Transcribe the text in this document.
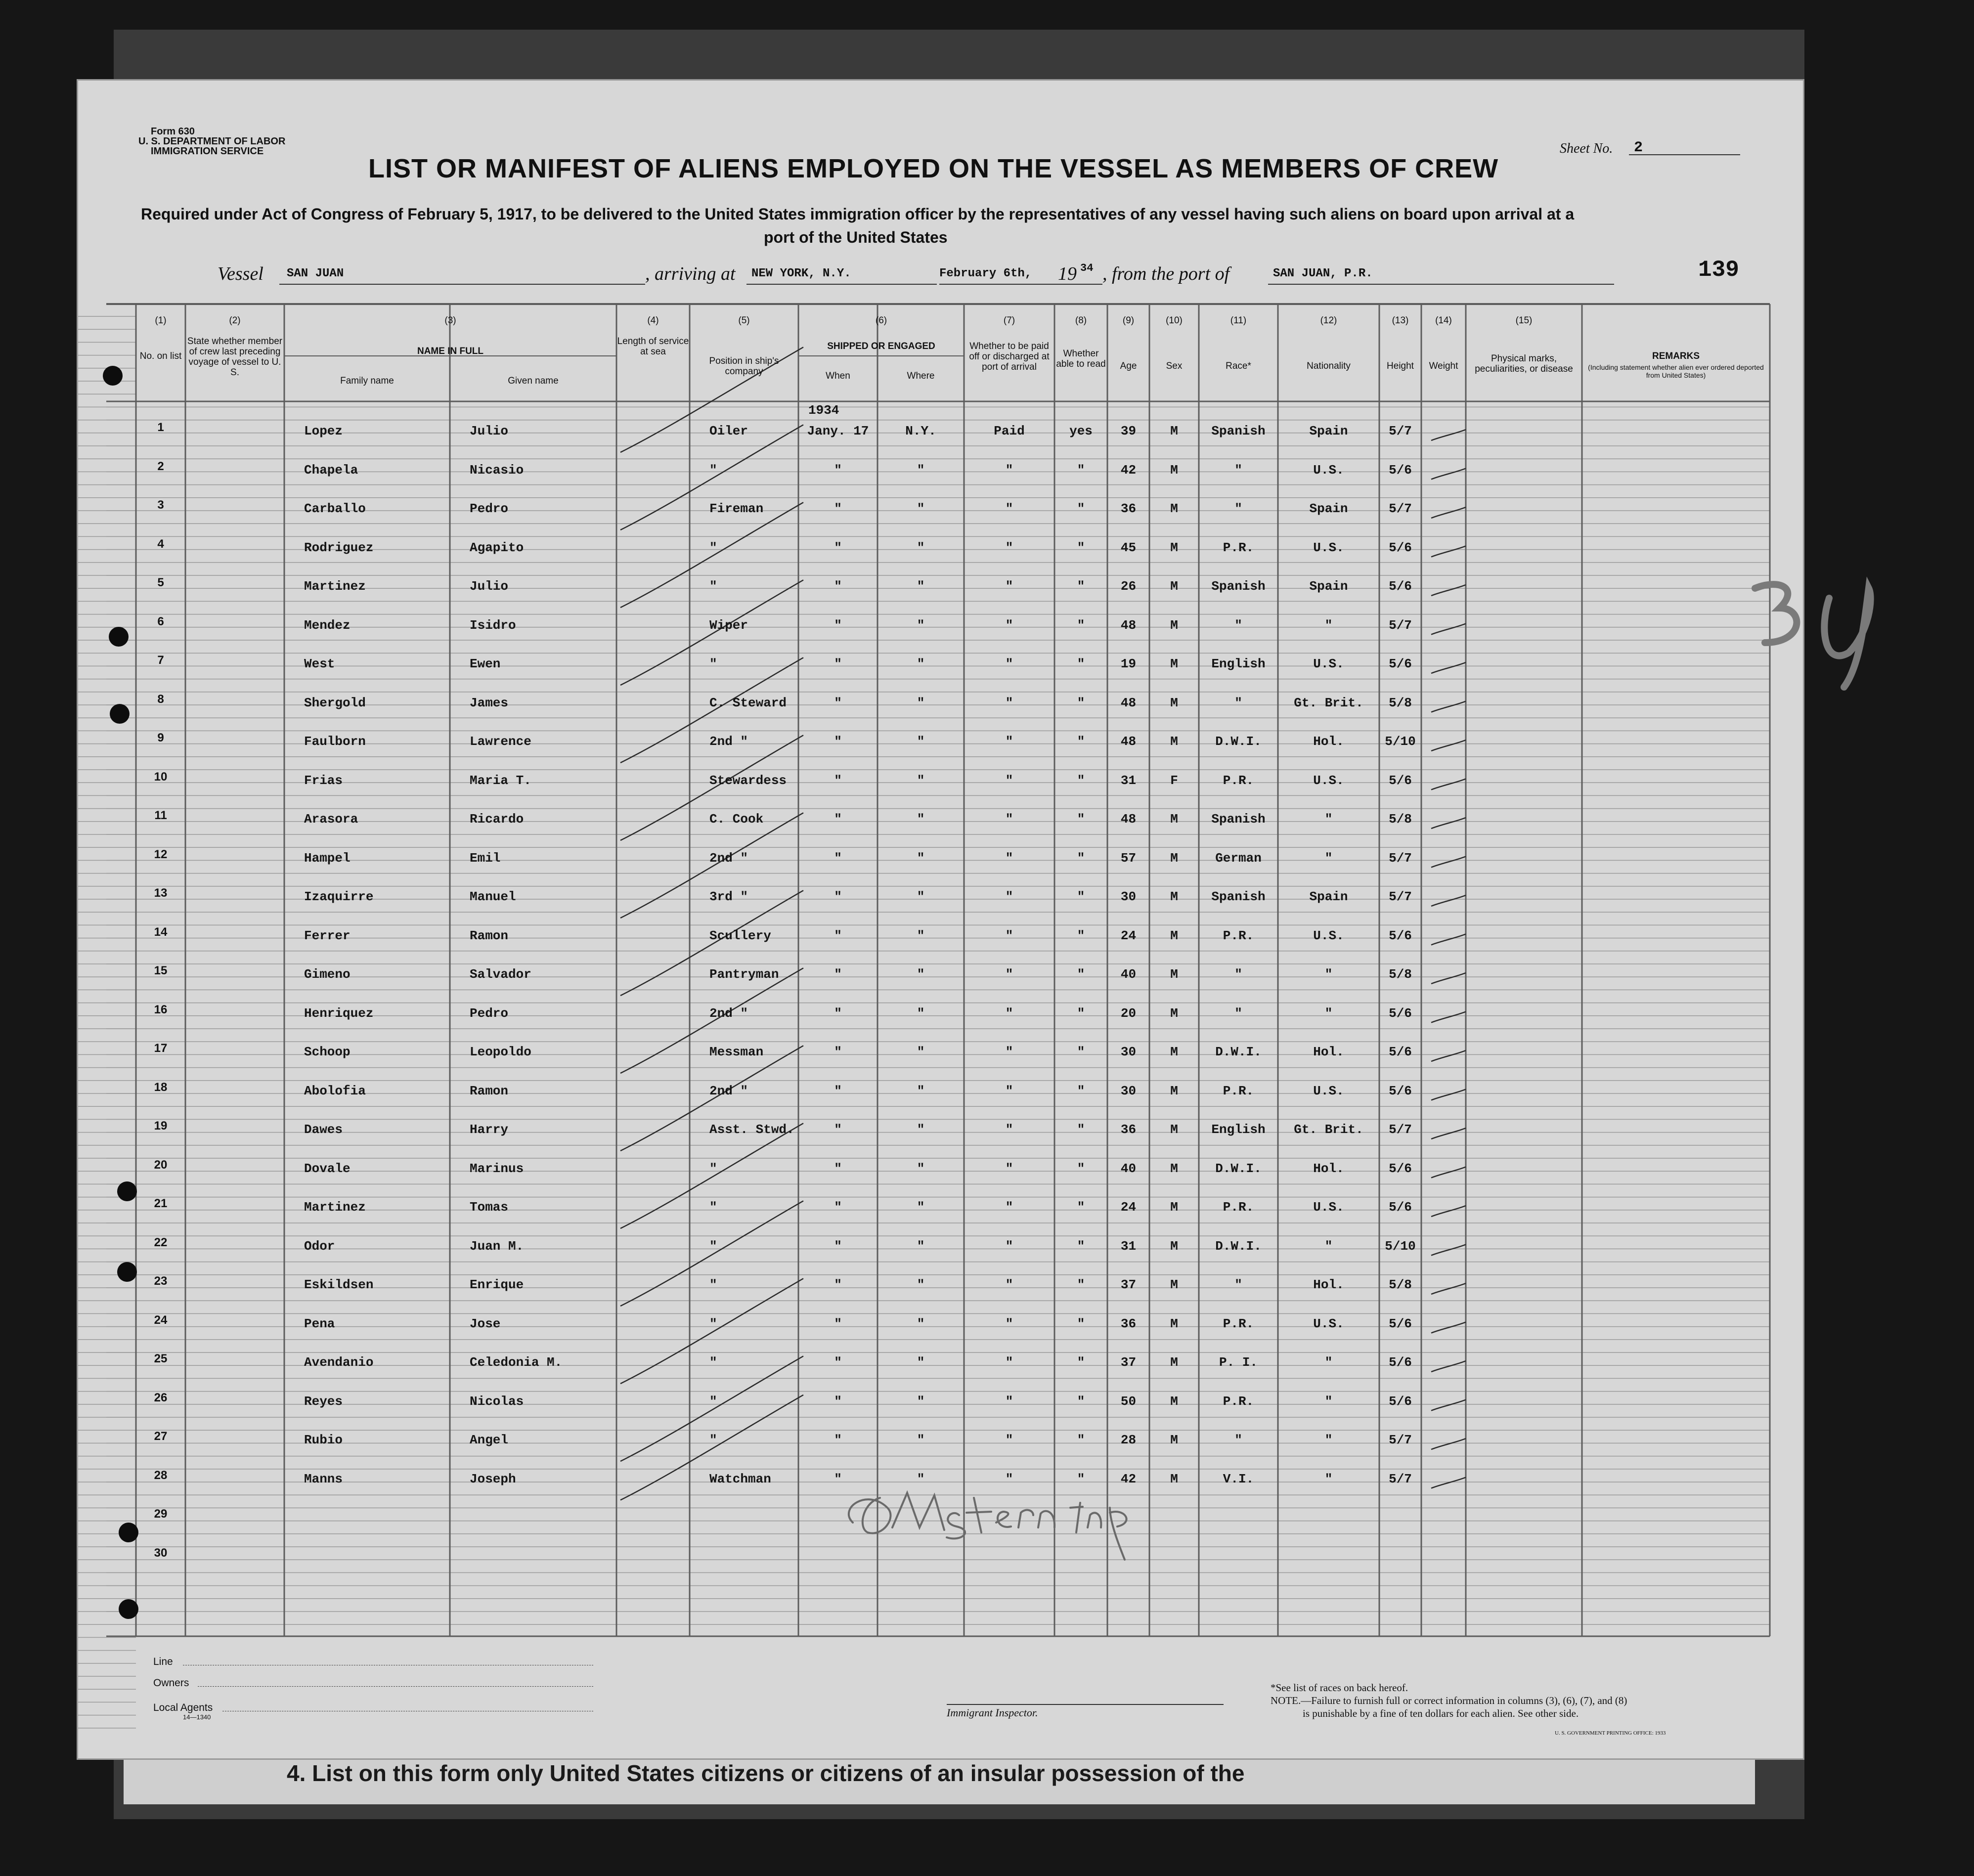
4. List on this form only United States citizens or citizens of an insular possession of the
Form 630
U. S. DEPARTMENT OF LABOR
IMMIGRATION SERVICE	Sheet No. 2
LIST OR MANIFEST OF ALIENS EMPLOYED ON THE VESSEL AS MEMBERS OF CREW
Required under Act of Congress of February 5, 1917, to be delivered to the United States immigration officer by the representatives of any vessel having such aliens on board upon arrival at a
port of the United States
Vessel SAN JUAN	, arriving at NEW YORK, N.Y.	February 6th, 19 34 , from the port of	SAN JUAN, P.R.	139
(1)	(2)	(3)	(4)	(5)	(6)	(7)	(8)	(9)	(10)	(11)	(12)	(13)	(14)	(15)
No. on list
State whether member of crew last preceding voyage of vessel to U. S.
NAME IN FULL
Family name	Given name
Length of service at sea
Position in ship's company
SHIPPED OR ENGAGED
When	Where
Whether to be paid off or discharged at port of arrival
Whether able to read	Age	Sex	Race*	Nationality	Height	Weight
Physical marks, peculiarities, or disease
REMARKS
(Including statement whether alien ever ordered deported from United States)
1934
1	Lopez	Julio	Oiler	Jany. 17	N.Y.	Paid	yes	39	M	Spanish	Spain	5/7
2	Chapela	Nicasio	"	"	"	"	"	42	M	"	U.S.	5/6
3	Carballo	Pedro	Fireman	"	"	"	"	36	M	"	Spain	5/7
4	Rodriguez	Agapito	"	"	"	"	"	45	M	P.R.	U.S.	5/6
5	Martinez	Julio	"	"	"	"	"	26	M	Spanish	Spain	5/6
6	Mendez	Isidro	Wiper	"	"	"	"	48	M	"	"	5/7
7	West	Ewen	"	"	"	"	"	19	M	English	U.S.	5/6
8	Shergold	James	C. Steward	"	"	"	"	48	M	"	Gt. Brit.	5/8
9	Faulborn	Lawrence	2nd "	"	"	"	"	48	M	D.W.I.	Hol.	5/10
10	Frias	Maria T.	Stewardess	"	"	"	"	31	F	P.R.	U.S.	5/6
11	Arasora	Ricardo	C. Cook	"	"	"	"	48	M	Spanish	"	5/8
12	Hampel	Emil	2nd "	"	"	"	"	57	M	German	"	5/7
13	Izaquirre	Manuel	3rd "	"	"	"	"	30	M	Spanish	Spain	5/7
14	Ferrer	Ramon	Scullery	"	"	"	"	24	M	P.R.	U.S.	5/6
15	Gimeno	Salvador	Pantryman	"	"	"	"	40	M	"	"	5/8
16	Henriquez	Pedro	2nd "	"	"	"	"	20	M	"	"	5/6
17	Schoop	Leopoldo	Messman	"	"	"	"	30	M	D.W.I.	Hol.	5/6
18	Abolofia	Ramon	2nd "	"	"	"	"	30	M	P.R.	U.S.	5/6
19	Dawes	Harry	Asst. Stwd.	"	"	"	"	36	M	English	Gt. Brit.	5/7
20	Dovale	Marinus	"	"	"	"	"	40	M	D.W.I.	Hol.	5/6
21	Martinez	Tomas	"	"	"	"	"	24	M	P.R.	U.S.	5/6
22	Odor	Juan M.	"	"	"	"	"	31	M	D.W.I.	"	5/10
23	Eskildsen	Enrique	"	"	"	"	"	37	M	"	Hol.	5/8
24	Pena	Jose	"	"	"	"	"	36	M	P.R.	U.S.	5/6
25	Avendanio	Celedonia M.	"	"	"	"	"	37	M	P. I.	"	5/6
26	Reyes	Nicolas	"	"	"	"	"	50	M	P.R.	"	5/6
27	Rubio	Angel	"	"	"	"	"	28	M	"	"	5/7
28	Manns	Joseph	Watchman	"	"	"	"	42	M	V.I.	"	5/7
29
30
Line
Owners
Local Agents
14—1340	Immigrant Inspector.
*See list of races on back hereof.
NOTE.—Failure to furnish full or correct information in columns (3), (6), (7), and (8)
is punishable by a fine of ten dollars for each alien. See other side.
U. S. GOVERNMENT PRINTING OFFICE: 1933
